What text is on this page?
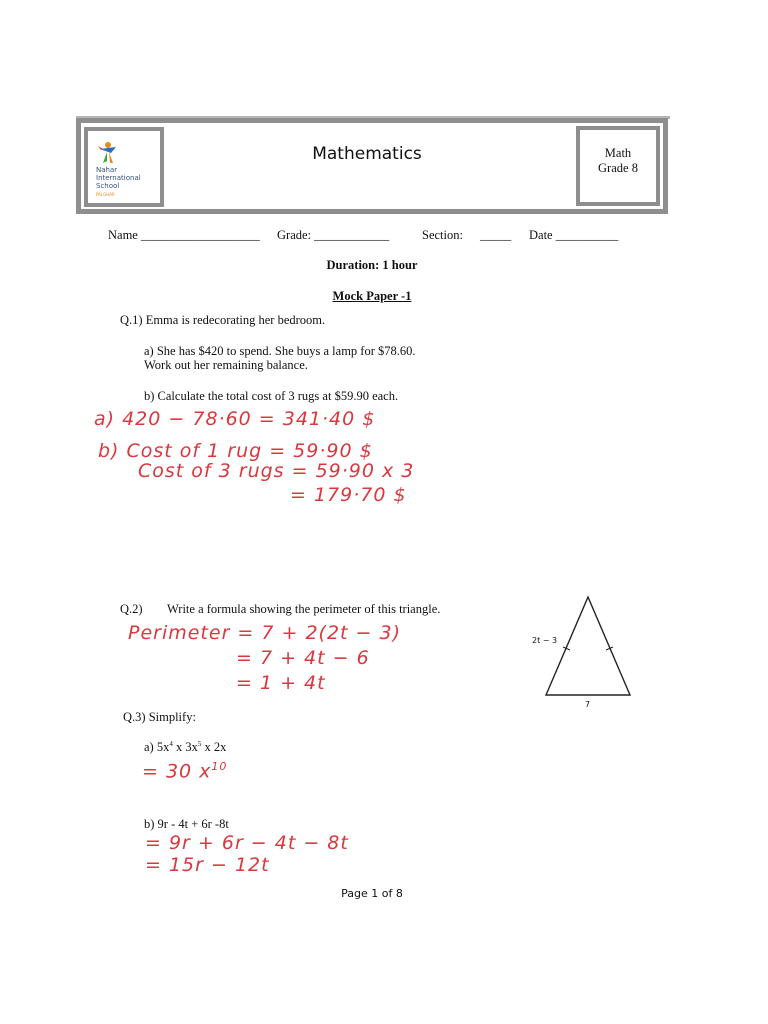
Nahar International School
PALGHAR
Mathematics	Math
Grade 8
Name ___________________ Grade: ____________	Section: _____ Date __________
Duration: 1 hour
Mock Paper -1
Q.1) Emma is redecorating her bedroom.
a) She has $420 to spend. She buys a lamp for $78.60.
Work out her remaining balance.
b) Calculate the total cost of 3 rugs at $59.90 each.
a) 420 − 78·60 = 341·40 $
b) Cost of 1 rug = 59·90 $
Cost of 3 rugs = 59·90 x 3
= 179·70 $
Q.2) Write a formula showing the perimeter of this triangle.
Perimeter = 7 + 2(2t − 3)
= 7 + 4t − 6
= 1 + 4t
2t − 3
7
Q.3) Simplify:
a) $5x^4$ x $3x^5$ x 2x
= 30 $x^{10}$
b) 9r - 4t + 6r -8t
= 9r + 6r − 4t − 8t
= 15r − 12t
Page 1 of 8
